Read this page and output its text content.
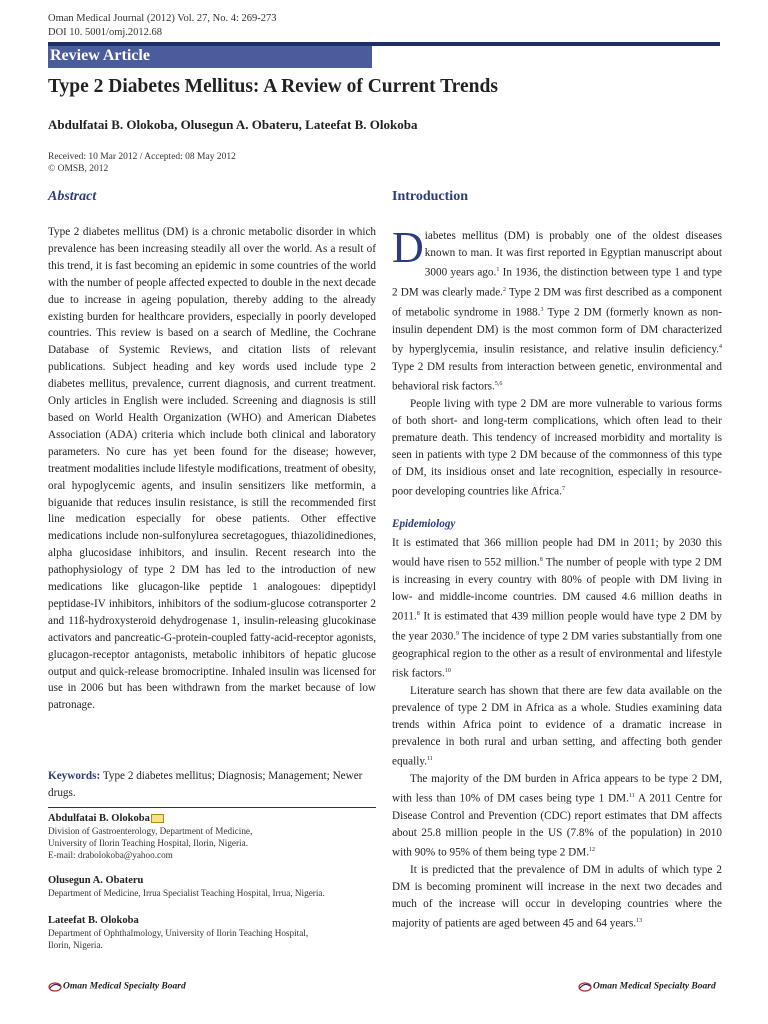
Oman Medical Journal (2012) Vol. 27, No. 4: 269-273
DOI 10. 5001/omj.2012.68
Review Article
Type 2 Diabetes Mellitus: A Review of Current Trends
Abdulfatai B. Olokoba, Olusegun A. Obateru, Lateefat B. Olokoba
Received: 10 Mar 2012 / Accepted: 08 May 2012
© OMSB, 2012
Abstract	Introduction
Type 2 diabetes mellitus (DM) is a chronic metabolic disorder in which prevalence has been increasing steadily all over the world. As a result of this trend, it is fast becoming an epidemic in some countries of the world with the number of people affected expected to double in the next decade due to increase in ageing population, thereby adding to the already existing burden for healthcare providers, especially in poorly developed countries. This review is based on a search of Medline, the Cochrane Database of Systemic Reviews, and citation lists of relevant publications. Subject heading and key words used include type 2 diabetes mellitus, prevalence, current diagnosis, and current treatment. Only articles in English were included. Screening and diagnosis is still based on World Health Organization (WHO) and American Diabetes Association (ADA) criteria which include both clinical and laboratory parameters. No cure has yet been found for the disease; however, treatment modalities include lifestyle modifications, treatment of obesity, oral hypoglycemic agents, and insulin sensitizers like metformin, a biguanide that reduces insulin resistance, is still the recommended first line medication especially for obese patients. Other effective medications include non-sulfonylurea secretagogues, thiazolidinediones, alpha glucosidase inhibitors, and insulin. Recent research into the pathophysiology of type 2 DM has led to the introduction of new medications like glucagon-like peptide 1 analogoues: dipeptidyl peptidase-IV inhibitors, inhibitors of the sodium-glucose cotransporter 2 and 11ß-hydroxysteroid dehydrogenase 1, insulin-releasing glucokinase activators and pancreatic-G-protein-coupled fatty-acid-receptor agonists, glucagon-receptor antagonists, metabolic inhibitors of hepatic glucose output and quick-release bromocriptine. Inhaled insulin was licensed for use in 2006 but has been withdrawn from the market because of low patronage.
Keywords: Type 2 diabetes mellitus; Diagnosis; Management; Newer drugs.
Abdulfatai B. Olokoba
Division of Gastroenterology, Department of Medicine,
University of Ilorin Teaching Hospital, Ilorin, Nigeria.
E-mail: drabolokoba@yahoo.com
Olusegun A. Obateru
Department of Medicine, Irrua Specialist Teaching Hospital, Irrua, Nigeria.
Lateefat B. Olokoba
Department of Ophthalmology, University of Ilorin Teaching Hospital,
Ilorin, Nigeria.

Diabetes mellitus (DM) is probably one of the oldest diseases known to man. It was first reported in Egyptian manuscript about 3000 years ago.$^1$ In 1936, the distinction between type 1 and type 2 DM was clearly made.$^2$ Type 2 DM was first described as a component of metabolic syndrome in 1988.$^3$ Type 2 DM (formerly known as non-insulin dependent DM) is the most common form of DM characterized by hyperglycemia, insulin resistance, and relative insulin deficiency.$^4$ Type 2 DM results from interaction between genetic, environmental and behavioral risk factors.$^{5,6}$

People living with type 2 DM are more vulnerable to various forms of both short- and long-term complications, which often lead to their premature death. This tendency of increased morbidity and mortality is seen in patients with type 2 DM because of the commonness of this type of DM, its insidious onset and late recognition, especially in resource-poor developing countries like Africa.$^7$

Epidemiology

It is estimated that 366 million people had DM in 2011; by 2030 this would have risen to 552 million.$^8$ The number of people with type 2 DM is increasing in every country with 80% of people with DM living in low- and middle-income countries. DM caused 4.6 million deaths in 2011.$^8$ It is estimated that 439 million people would have type 2 DM by the year 2030.$^9$ The incidence of type 2 DM varies substantially from one geographical region to the other as a result of environmental and lifestyle risk factors.$^{10}$

Literature search has shown that there are few data available on the prevalence of type 2 DM in Africa as a whole. Studies examining data trends within Africa point to evidence of a dramatic increase in prevalence in both rural and urban setting, and affecting both gender equally.$^{11}$

The majority of the DM burden in Africa appears to be type 2 DM, with less than 10% of DM cases being type 1 DM.$^{11}$ A 2011 Centre for Disease Control and Prevention (CDC) report estimates that DM affects about 25.8 million people in the US (7.8% of the population) in 2010 with 90% to 95% of them being type 2 DM.$^{12}$

It is predicted that the prevalence of DM in adults of which type 2 DM is becoming prominent will increase in the next two decades and much of the increase will occur in developing countries where the majority of patients are aged between 45 and 64 years.$^{13}$

Oman Medical Specialty Board	Oman Medical Specialty Board
